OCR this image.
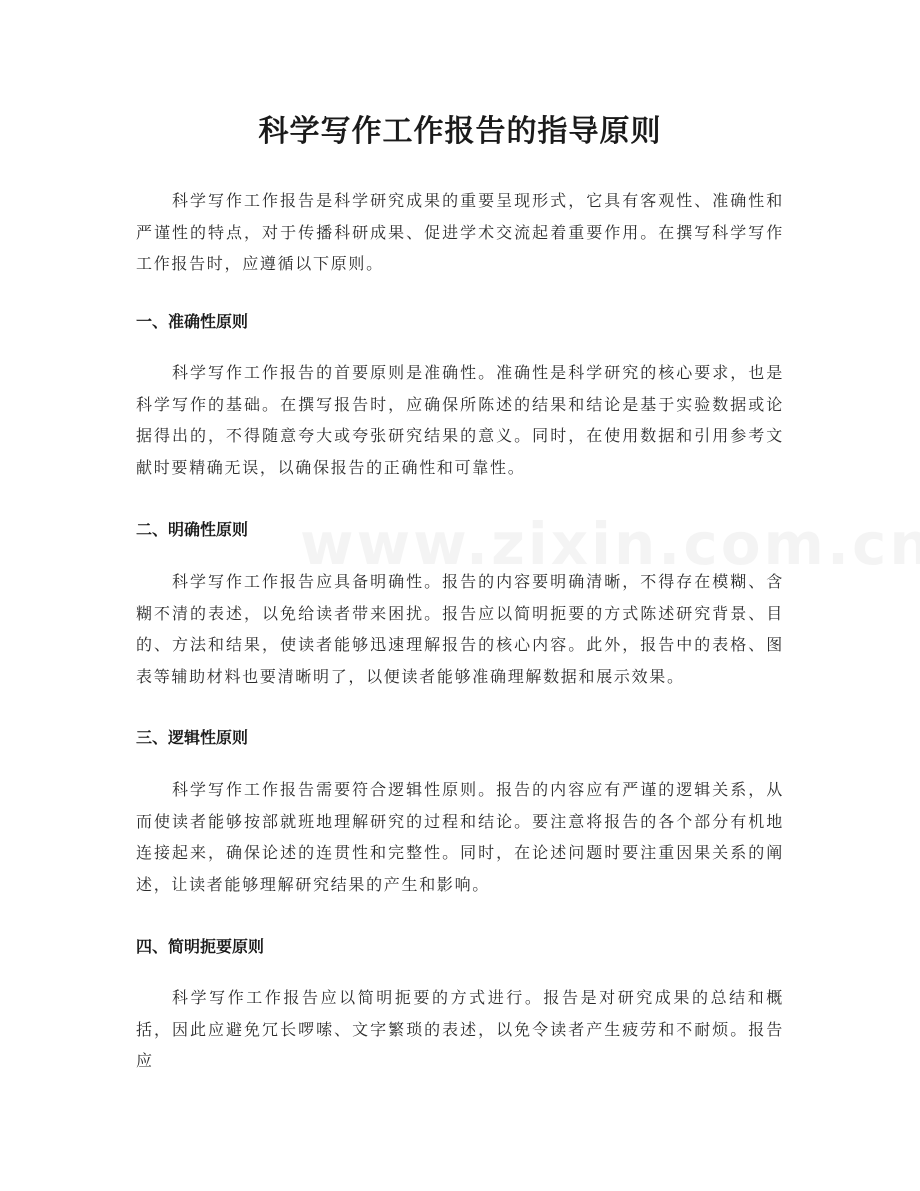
科学写作工作报告的指导原则

科学写作工作报告是科学研究成果的重要呈现形式，它具有客观性、准确性和严谨性的特点，对于传播科研成果、促进学术交流起着重要作用。在撰写科学写作工作报告时，应遵循以下原则。

一、准确性原则

科学写作工作报告的首要原则是准确性。准确性是科学研究的核心要求，也是科学写作的基础。在撰写报告时，应确保所陈述的结果和结论是基于实验数据或论据得出的，不得随意夸大或夸张研究结果的意义。同时，在使用数据和引用参考文献时要精确无误，以确保报告的正确性和可靠性。

二、明确性原则

科学写作工作报告应具备明确性。报告的内容要明确清晰，不得存在模糊、含糊不清的表述，以免给读者带来困扰。报告应以简明扼要的方式陈述研究背景、目的、方法和结果，使读者能够迅速理解报告的核心内容。此外，报告中的表格、图表等辅助材料也要清晰明了，以便读者能够准确理解数据和展示效果。

三、逻辑性原则

科学写作工作报告需要符合逻辑性原则。报告的内容应有严谨的逻辑关系，从而使读者能够按部就班地理解研究的过程和结论。要注意将报告的各个部分有机地连接起来，确保论述的连贯性和完整性。同时，在论述问题时要注重因果关系的阐述，让读者能够理解研究结果的产生和影响。

四、简明扼要原则

科学写作工作报告应以简明扼要的方式进行。报告是对研究成果的总结和概括，因此应避免冗长啰嗦、文字繁琐的表述，以免令读者产生疲劳和不耐烦。报告应
